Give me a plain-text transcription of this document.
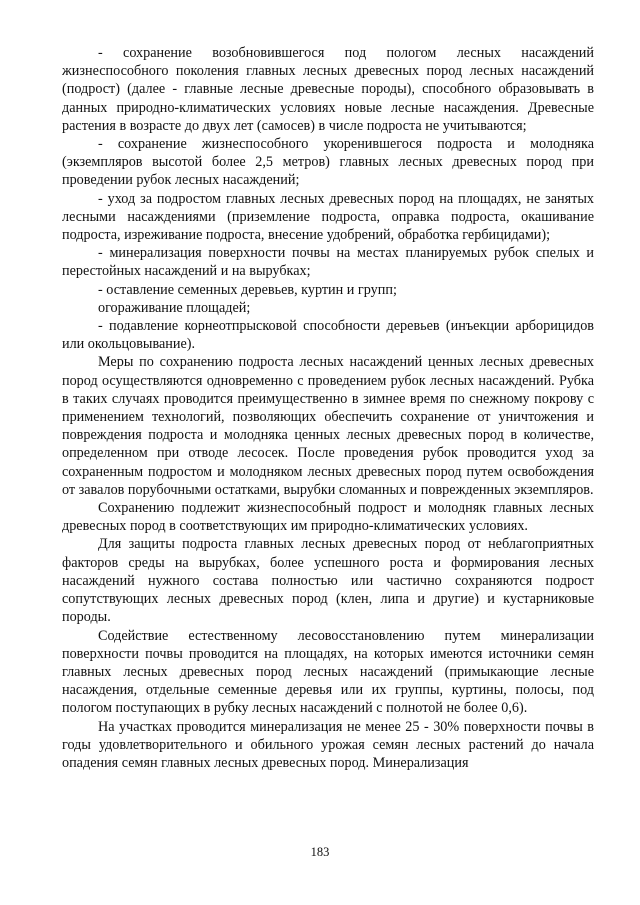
- сохранение возобновившегося под пологом лесных насаждений жизнеспособного поколения главных лесных древесных пород лесных насаждений (подрост) (далее - главные лесные древесные породы), способного образовывать в данных природно-климатических условиях новые лесные насаждения. Древесные растения в возрасте до двух лет (самосев) в числе подроста не учитываются;

- сохранение жизнеспособного укоренившегося подроста и молодняка (экземпляров высотой более 2,5 метров) главных лесных древесных пород при проведении рубок лесных насаждений;

- уход за подростом главных лесных древесных пород на площадях, не занятых лесными насаждениями (приземление подроста, оправка подроста, окашивание подроста, изреживание подроста, внесение удобрений, обработка гербицидами);

- минерализация поверхности почвы на местах планируемых рубок спелых и перестойных насаждений и на вырубках;

- оставление семенных деревьев, куртин и групп;

огораживание площадей;

- подавление корнеотпрысковой способности деревьев (инъекции арборицидов или окольцовывание).

Меры по сохранению подроста лесных насаждений ценных лесных древесных пород осуществляются одновременно с проведением рубок лесных насаждений. Рубка в таких случаях проводится преимущественно в зимнее время по снежному покрову с применением технологий, позволяющих обеспечить сохранение от уничтожения и повреждения подроста и молодняка ценных лесных древесных пород в количестве, определенном при отводе лесосек. После проведения рубок проводится уход за сохраненным подростом и молодняком лесных древесных пород путем освобождения от завалов порубочными остатками, вырубки сломанных и поврежденных экземпляров.

Сохранению подлежит жизнеспособный подрост и молодняк главных лесных древесных пород в соответствующих им природно-климатических условиях.

Для защиты подроста главных лесных древесных пород от неблагоприятных факторов среды на вырубках, более успешного роста и формирования лесных насаждений нужного состава полностью или частично сохраняются подрост сопутствующих лесных древесных пород (клен, липа и другие) и кустарниковые породы.

Содействие естественному лесовосстановлению путем минерализации поверхности почвы проводится на площадях, на которых имеются источники семян главных лесных древесных пород лесных насаждений (примыкающие лесные насаждения, отдельные семенные деревья или их группы, куртины, полосы, под пологом поступающих в рубку лесных насаждений с полнотой не более 0,6).

На участках проводится минерализация не менее 25 - 30% поверхности почвы в годы удовлетворительного и обильного урожая семян лесных растений до начала опадения семян главных лесных древесных пород. Минерализация

183
